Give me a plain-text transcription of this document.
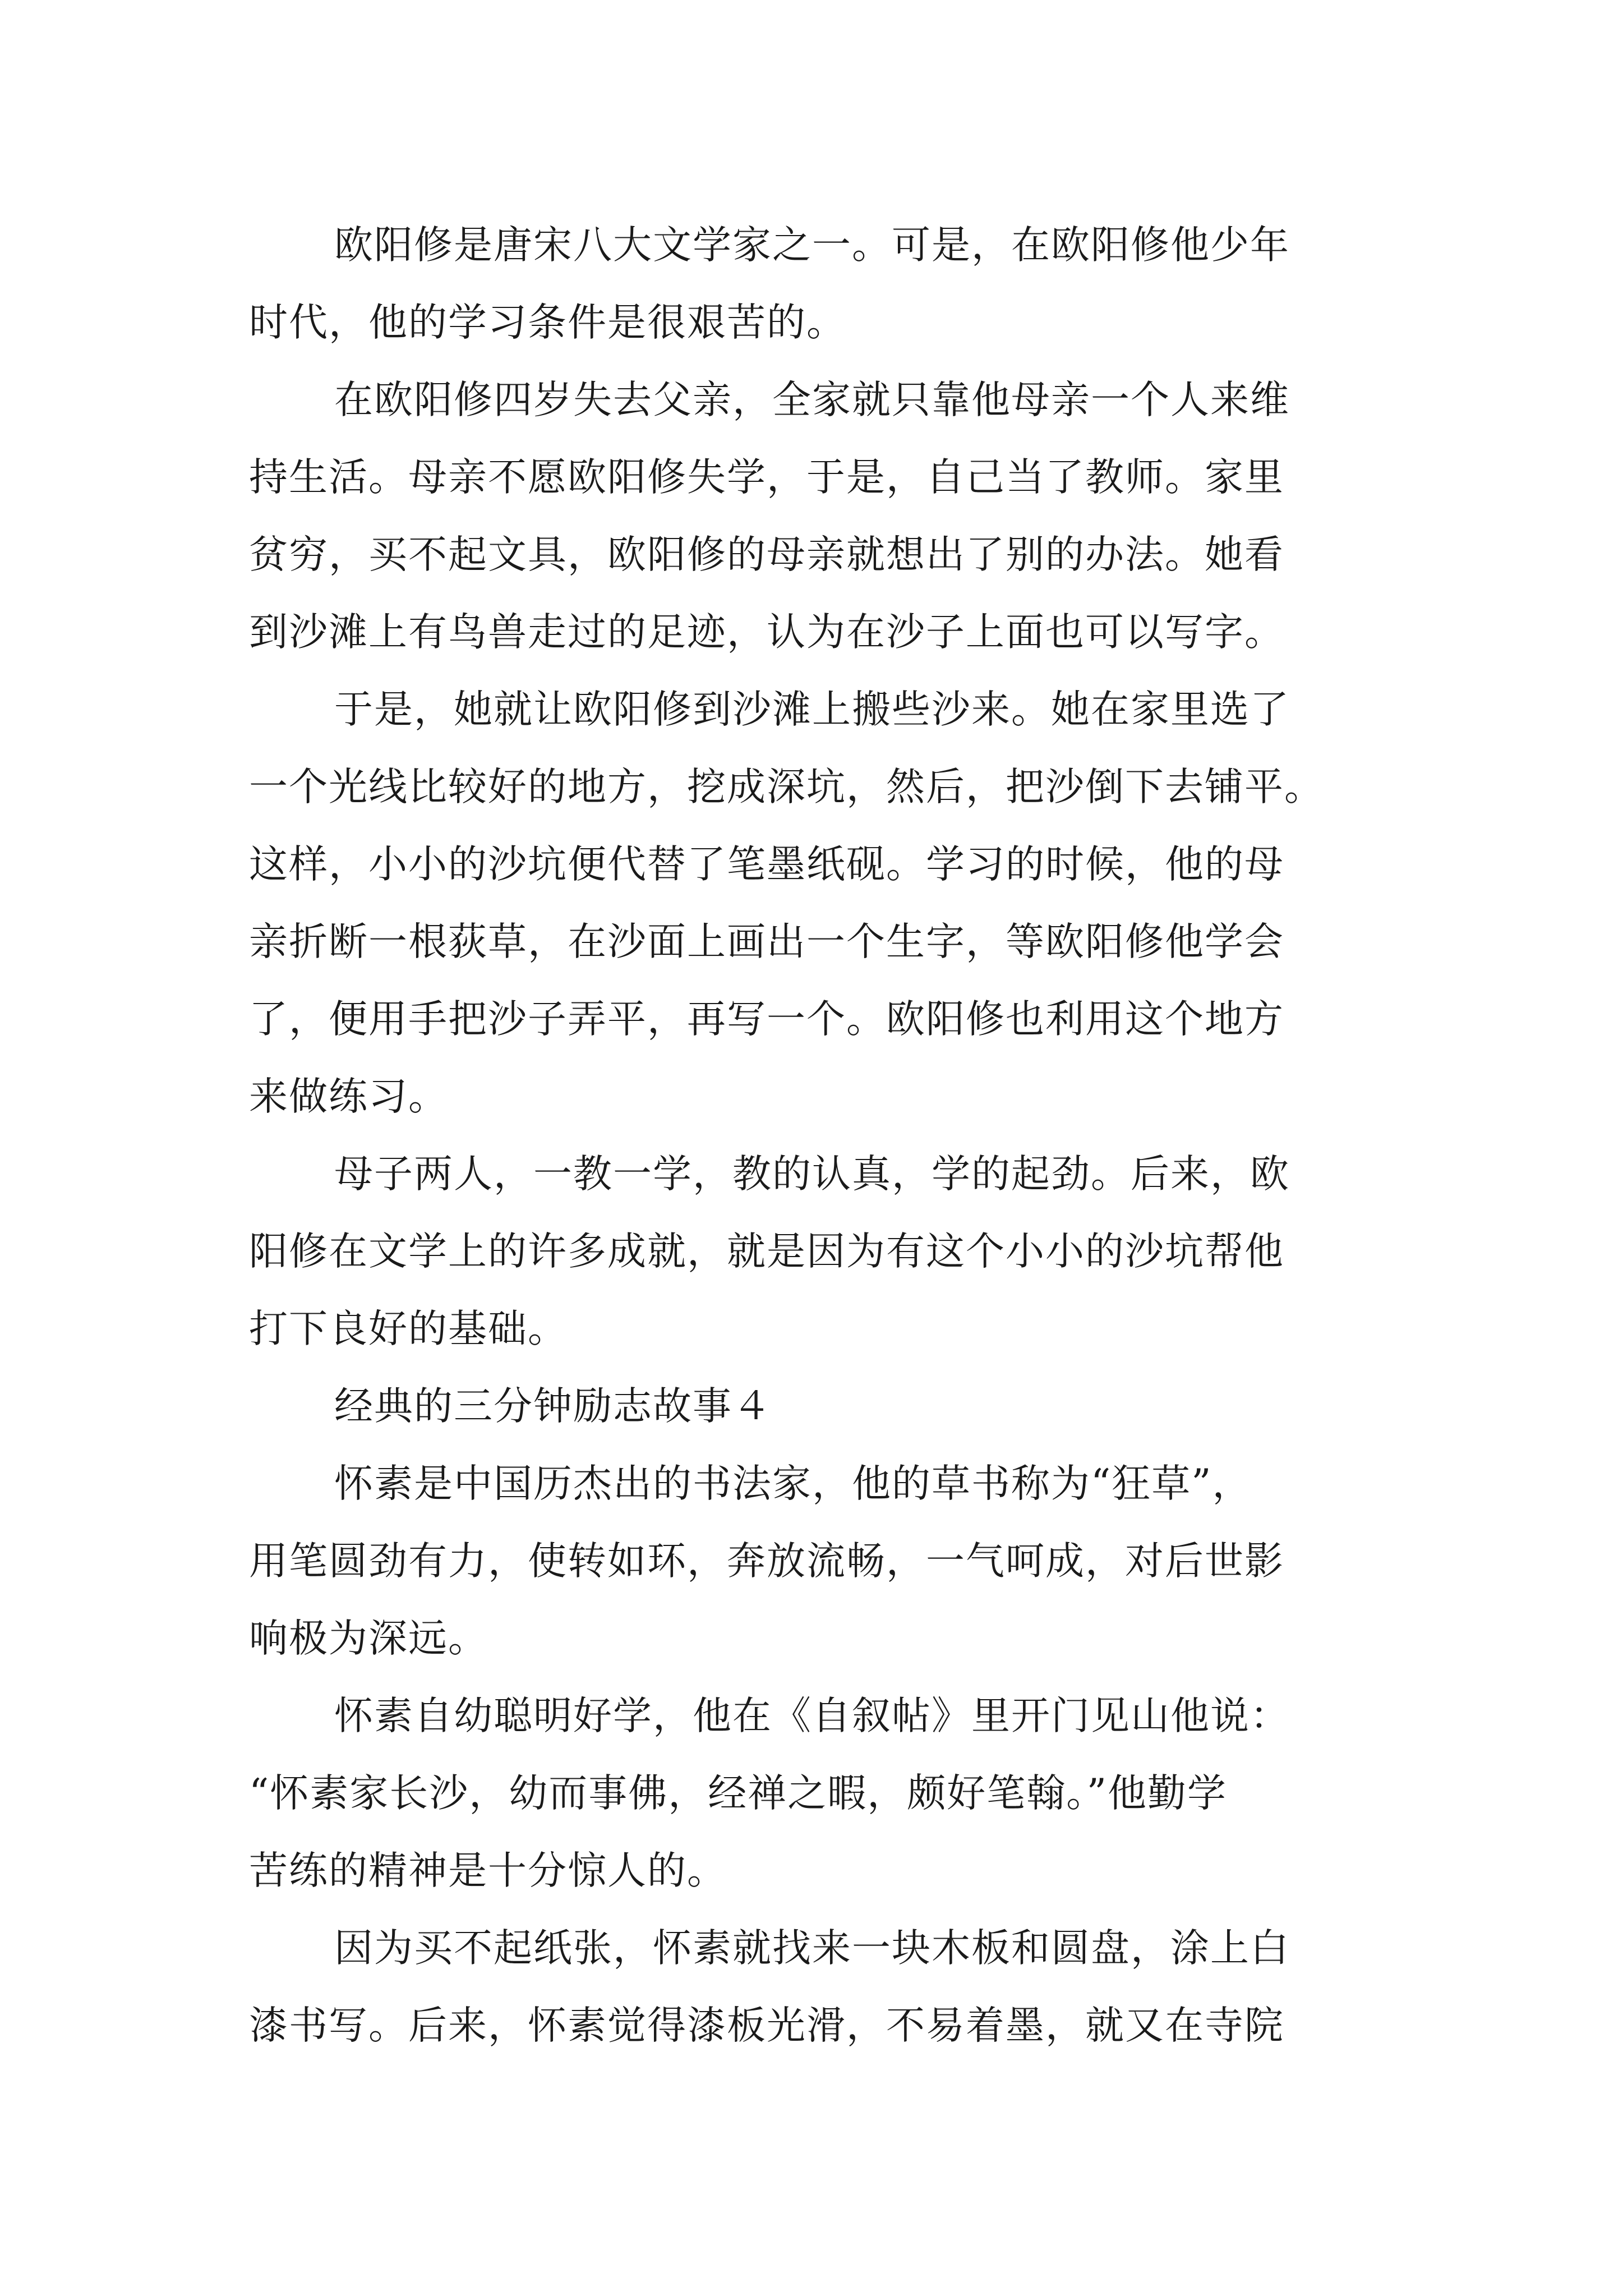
欧阳修是唐宋八大文学家之一。可是，在欧阳修他少年
时代，他的学习条件是很艰苦的。

在欧阳修四岁失去父亲，全家就只靠他母亲一个人来维
持生活。母亲不愿欧阳修失学，于是，自己当了教师。家里
贫穷，买不起文具，欧阳修的母亲就想出了别的办法。她看
到沙滩上有鸟兽走过的足迹，认为在沙子上面也可以写字。

于是，她就让欧阳修到沙滩上搬些沙来。她在家里选了
一个光线比较好的地方，挖成深坑，然后，把沙倒下去铺平。
这样，小小的沙坑便代替了笔墨纸砚。学习的时候，他的母
亲折断一根荻草，在沙面上画出一个生字，等欧阳修他学会
了，便用手把沙子弄平，再写一个。欧阳修也利用这个地方
来做练习。

母子两人，一教一学，教的认真，学的起劲。后来，欧
阳修在文学上的许多成就，就是因为有这个小小的沙坑帮他
打下良好的基础。

经典的三分钟励志故事４

怀素是中国历杰出的书法家，他的草书称为“狂草”，
用笔圆劲有力，使转如环，奔放流畅，一气呵成，对后世影
响极为深远。

怀素自幼聪明好学，他在《自叙帖》里开门见山他说：
“怀素家长沙，幼而事佛，经禅之暇，颇好笔翰。”他勤学
苦练的精神是十分惊人的。

因为买不起纸张，怀素就找来一块木板和圆盘，涂上白
漆书写。后来，怀素觉得漆板光滑，不易着墨，就又在寺院
